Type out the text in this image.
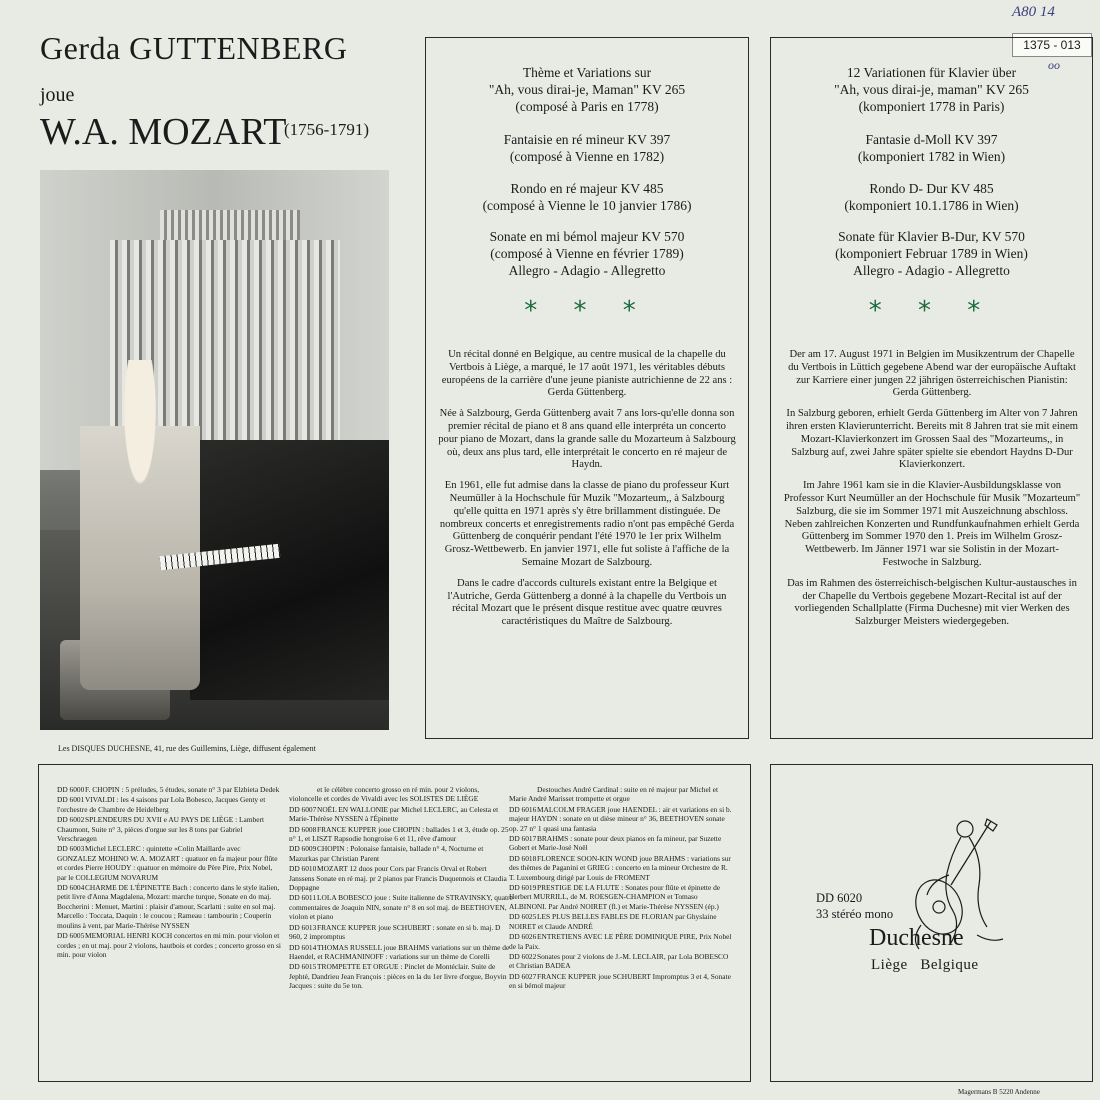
Gerda GUTTENBERG
joue
W.A. MOZART
(1756-1791)
A80 14
1375 - 013
oo
Les DISQUES DUCHESNE, 41, rue des Guillemins, Liège, diffusent également
Thème et Variations sur
"Ah, vous dirai-je, Maman" KV 265
(composé à Paris en 1778)
Fantaisie en ré mineur KV 397
(composé à Vienne en 1782)
Rondo en ré majeur KV 485
(composé à Vienne le 10 janvier 1786)
Sonate en mi bémol majeur KV 570
(composé à Vienne en février 1789)
Allegro - Adagio - Allegretto
* * *

Un récital donné en Belgique, au centre musical de la chapelle du Vertbois à Liège, a marqué, le 17 août 1971, les véritables débuts européens de la carrière d'une jeune pianiste autrichienne de 22 ans : Gerda Güttenberg.

Née à Salzbourg, Gerda Güttenberg avait 7 ans lors-qu'elle donna son premier récital de piano et 8 ans quand elle interpréta un concerto pour piano de Mozart, dans la grande salle du Mozarteum à Salzbourg où, deux ans plus tard, elle interprétait le concerto en ré majeur de Haydn.

En 1961, elle fut admise dans la classe de piano du professeur Kurt Neumüller à la Hochschule für Muzik "Mozarteum,, à Salzbourg qu'elle quitta en 1971 après s'y être brillamment distinguée. De nombreux concerts et enregistrements radio n'ont pas empêché Gerda Güttenberg de conquérir pendant l'été 1970 le 1er prix Wilhelm Grosz-Wettbewerb. En janvier 1971, elle fut soliste à l'affiche de la Semaine Mozart de Salzbourg.

Dans le cadre d'accords culturels existant entre la Belgique et l'Autriche, Gerda Güttenberg a donné à la chapelle du Vertbois un récital Mozart que le présent disque restitue avec quatre œuvres caractéristiques du Maître de Salzbourg.

12 Variationen für Klavier über
"Ah, vous dirai-je, maman" KV 265
(komponiert 1778 in Paris)
Fantasie d-Moll KV 397
(komponiert 1782 in Wien)
Rondo D- Dur KV 485
(komponiert 10.1.1786 in Wien)
Sonate für Klavier B-Dur, KV 570
(komponiert Februar 1789 in Wien)
Allegro - Adagio - Allegretto
* * *

Der am 17. August 1971 in Belgien im Musikzentrum der Chapelle du Vertbois in Lüttich gegebene Abend war der europäische Auftakt zur Karriere einer jungen 22 jährigen österreichischen Pianistin: Gerda Güttenberg.

In Salzburg geboren, erhielt Gerda Güttenberg im Alter von 7 Jahren ihren ersten Klavierunterricht. Bereits mit 8 Jahren trat sie mit einem Mozart-Klavierkonzert im Grossen Saal des "Mozarteums,, in Salzburg auf, zwei Jahre später spielte sie ebendort Haydns D-Dur Klavierkonzert.

Im Jahre 1961 kam sie in die Klavier-Ausbildungsklasse von Professor Kurt Neumüller an der Hochschule für Musik "Mozarteum" Salzburg, die sie im Sommer 1971 mit Auszeichnung abschloss. Neben zahlreichen Konzerten und Rundfunkaufnahmen erhielt Gerda Güttenberg im Sommer 1970 den 1. Preis im Wilhelm Grosz-Wettbewerb. Im Jänner 1971 war sie Solistin in der Mozart-Festwoche in Salzburg.

Das im Rahmen des österreichisch-belgischen Kultur-austausches in der Chapelle du Vertbois gegebene Mozart-Recital ist auf der vorliegenden Schallplatte (Firma Duchesne) mit vier Werken des Salzburger Meisters wiedergegeben.

DD 6000F. CHOPIN : 5 préludes, 5 études, sonate n° 3 par Elzbieta Dedek
DD 6001VIVALDI : les 4 saisons par Lola Bobesco, Jacques Genty et l'orchestre de Chambre de Heidelberg
DD 6002SPLENDEURS DU XVII e AU PAYS DE LIÈGE : Lambert Chaumont, Suite n° 3, pièces d'orgue sur les 8 tons par Gabriel Verschraegen
DD 6003Michel LECLERC : quintette «Colin Maillard» avec GONZALEZ MOHINO W. A. MOZART : quatuor en fa majeur pour flûte et cordes Pierre HOUDY : quatuor en mémoire du Père Pire, Prix Nobel, par le COLLEGIUM NOVARUM
DD 6004CHARME DE L'ÉPINETTE Bach : concerto dans le style italien, petit livre d'Anna Magdalena, Mozart: marche turque, Sonate en do maj. Boccherini : Menuet, Martini : plaisir d'amour, Scarlatti : suite en sol maj. Marcello : Toccata, Daquin : le coucou ; Rameau : tambourin ; Couperin moulins à vent, par Marie-Thérèse NYSSEN
DD 6005MEMORIAL HENRI KOCH concertos en mi min. pour violon et cordes ; en ut maj. pour 2 violons, hautbois et cordes ; concerto grosso en si min. pour violon
et le célèbre concerto grosso en ré min. pour 2 violons, violoncelle et cordes de Vivaldi avec les SOLISTES DE LIÈGE
DD 6007NOËL EN WALLONIE par Michel LECLERC, au Celesta et Marie-Thérèse NYSSEN à l'Épinette
DD 6008FRANCE KUPPER joue CHOPIN : ballades 1 et 3, étude op. 25 n° 1, et LISZT Rapsodie hongroise 6 et 11, rêve d'amour
DD 6009CHOPIN : Polonaise fantaisie, ballade n° 4, Nocturne et Mazurkas par Christian Parent
DD 6010MOZART 12 duos pour Cors par Francis Orval et Robert Janssens Sonate en ré maj. pr 2 pianos par Francis Duquennois et Claudia Doppagne
DD 6011LOLA BOBESCO joue : Suite italienne de STRAVINSKY, quatre commentaires de Joaquin NIN, sonate n° 8 en sol maj. de BEETHOVEN, violon et piano
DD 6013FRANCE KUPPER joue SCHUBERT : sonate en si b. maj. D 960, 2 impromptus
DD 6014THOMAS RUSSELL joue BRAHMS variations sur un thème de Haendel, et RACHMANINOFF : variations sur un thème de Corelli
DD 6015TROMPETTE ET ORGUE : Pinclet de Montéclair. Suite de Jephté, Dandrieu Jean François : pièces en la du 1er livre d'orgue, Boyvin Jacques : suite du 5e ton.
Destouches André Cardinal : suite en ré majeur par Michel et Marie André Marisset trompette et orgue
DD 6016MALCOLM FRAGER joue HAENDEL : air et variations en si b. majeur HAYDN : sonate en ut dièse mineur n° 36, BEETHOVEN sonate op. 27 n° 1 quasi una fantasia
DD 6017BRAHMS : sonate pour deux pianos en fa mineur, par Suzette Gobert et Marie-José Noël
DD 6018FLORENCE SOON-KIN WOND joue BRAHMS : variations sur des thèmes de Paganini et GRIEG : concerto en la mineur Orchestre de R. T. Luxembourg dirigé par Louis de FROMENT
DD 6019PRESTIGE DE LA FLUTE : Sonates pour flûte et épinette de Herbert MURRILL, de M. ROESGEN-CHAMPION et Tomaso ALBINONI. Par André NOIRET (fl.) et Marie-Thérèse NYSSEN (ép.)
DD 6025LES PLUS BELLES FABLES DE FLORIAN par Ghyslaine NOIRET et Claude ANDRÉ
DD 6026ENTRETIENS AVEC LE PÈRE DOMINIQUE PIRE, Prix Nobel de la Paix.
DD 6022Sonates pour 2 violons de J.-M. LECLAIR, par Lola BOBESCO et Christian BADEA
DD 6027FRANCE KUPPER joue SCHUBERT Impromptus 3 et 4, Sonate en si bémol majeur
DD 6020
33 stéréo mono
Duchesne
Liège   Belgique
Magermans B 5220 Andenne
